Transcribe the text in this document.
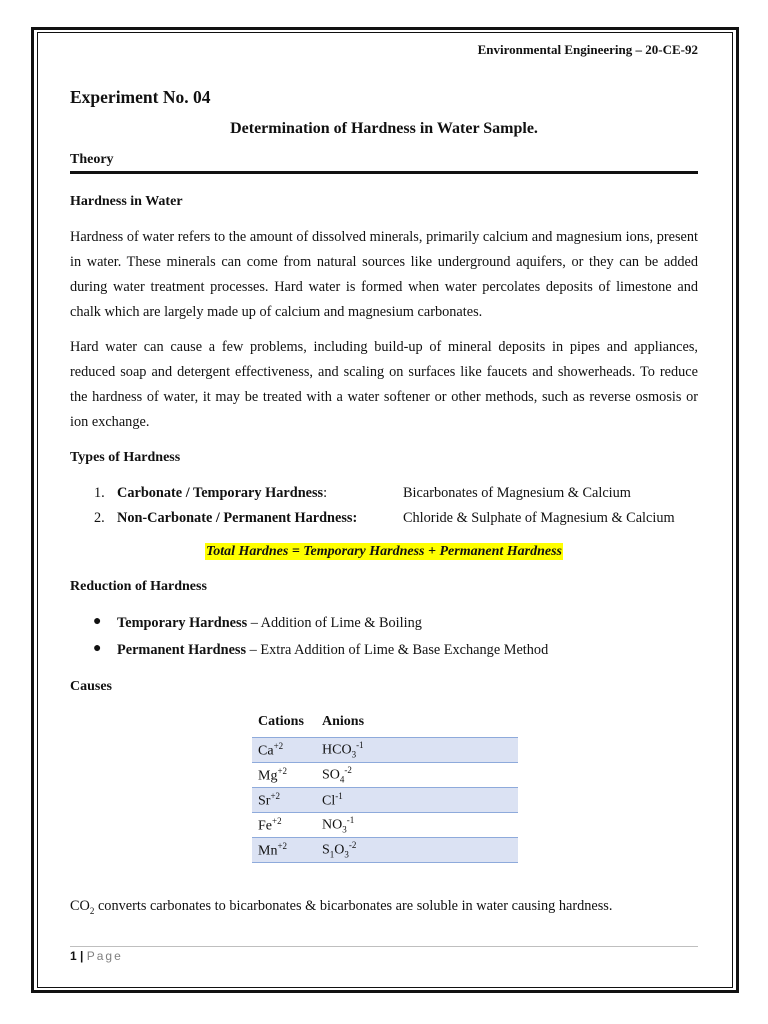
Environmental Engineering – 20-CE-92
Experiment No. 04
Determination of Hardness in Water Sample.
Theory
Hardness in Water
Hardness of water refers to the amount of dissolved minerals, primarily calcium and magnesium ions, present in water. These minerals can come from natural sources like underground aquifers, or they can be added during water treatment processes. Hard water is formed when water percolates deposits of limestone and chalk which are largely made up of calcium and magnesium carbonates.
Hard water can cause a few problems, including build-up of mineral deposits in pipes and appliances, reduced soap and detergent effectiveness, and scaling on surfaces like faucets and showerheads. To reduce the hardness of water, it may be treated with a water softener or other methods, such as reverse osmosis or ion exchange.
Types of Hardness
1. Carbonate / Temporary Hardness:	Bicarbonates of Magnesium & Calcium
2. Non-Carbonate / Permanent Hardness:	Chloride & Sulphate of Magnesium & Calcium
Total Hardnes = Temporary Hardness + Permanent Hardness
Reduction of Hardness
● Temporary Hardness – Addition of Lime & Boiling
● Permanent Hardness – Extra Addition of Lime & Base Exchange Method
Causes
Cations	Anions
$Ca^{+2}$	$HCO_3^{-1}$
$Mg^{+2}$	$SO_4^{-2}$
$Sr^{+2}$	$Cl^{-1}$
$Fe^{+2}$	$NO_3^{-1}$
$Mn^{+2}$	$S_1O_3^{-2}$
$CO_2$ converts carbonates to bicarbonates & bicarbonates are soluble in water causing hardness.
1 | Page
